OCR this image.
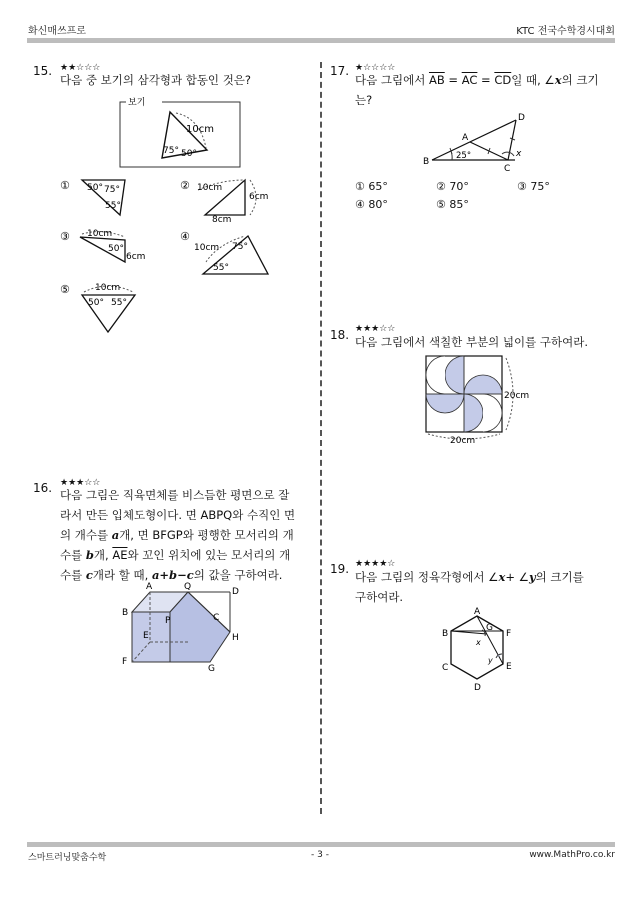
화신매쓰프로	KTC 전국수학경시대회
15. ★★☆☆☆
다음 중 보기의 삼각형과 합동인 것은?
보기
10cm
75° 50°
① 50° 75°
55°
② 10cm
6cm
8cm
③ 10cm
50°
6cm
④
10cm 75°
55°
⑤	10cm
50° 55°
16. ★★★☆☆
다음 그림은 직육면체를 비스듬한 평면으로 잘
라서 만든 입체도형이다. 면 ABPQ와 수직인 면
의 개수를 a개, 면 BFGP와 평행한 모서리의 개
수를 b개, $\overline{AE}$와 꼬인 위치에 있는 모서리의 개
수를 c개라 할 때, a+b−c의 값을 구하여라.
A	Q	D
B
P	C
E	H
F
G
17. ★☆☆☆☆
다음 그림에서 $\overline{AB} = \overline{AC} = \overline{CD}$일 때, ∠x의 크기
는?
A
B
C
D
25°	x
① 65°	② 70°	③ 75°
④ 80°	⑤ 85°
18. ★★★☆☆
다음 그림에서 색칠한 부분의 넓이를 구하여라.
20cm
20cm
19. ★★★★☆
다음 그림의 정육각형에서 ∠x+ ∠y의 크기를
구하여라.
A
B
C
D
E
F
G
x
y
스마트러닝맞춤수학	- 3 -	www.MathPro.co.kr
